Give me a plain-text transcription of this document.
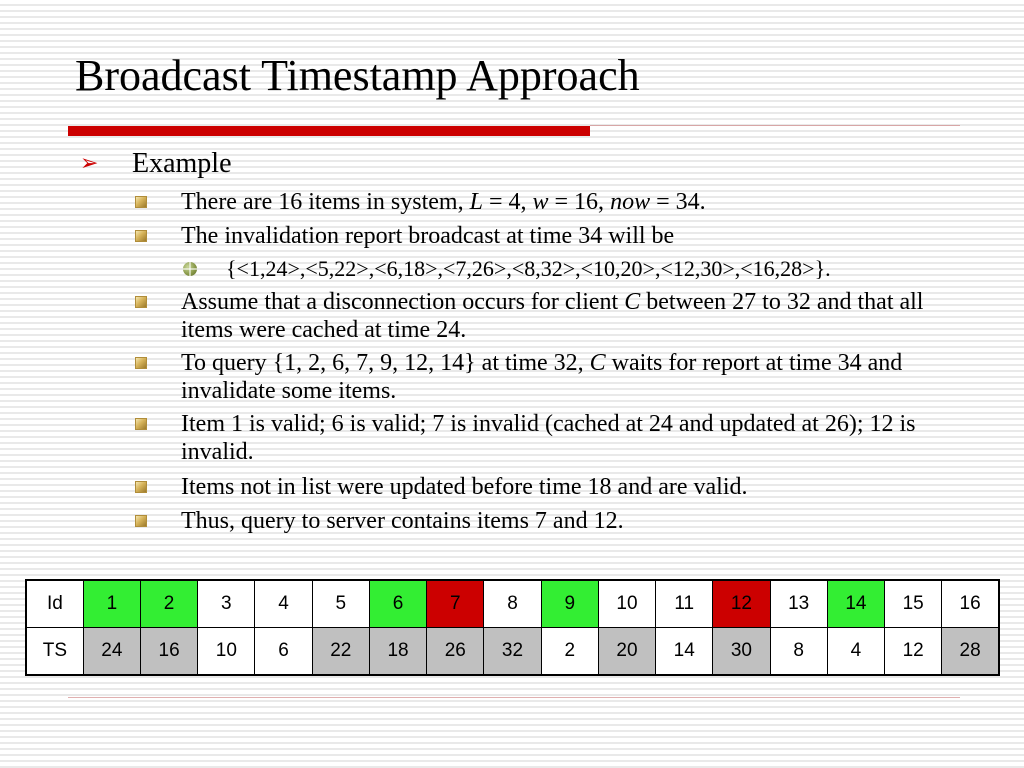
Broadcast Timestamp Approach
➢ Example
There are 16 items in system, L = 4, w = 16, now = 34.
The invalidation report broadcast at time 34 will be
{<1,24>,<5,22>,<6,18>,<7,26>,<8,32>,<10,20>,<12,30>,<16,28>}.
Assume that a disconnection occurs for client C between 27 to 32 and that all items were cached at time 24.
To query {1, 2, 6, 7, 9, 12, 14} at time 32, C waits for report at time 34 and invalidate some items.
Item 1 is valid; 6 is valid; 7 is invalid (cached at 24 and updated at 26); 12 is invalid.
Items not in list were updated before time 18 and are valid.
Thus, query to server contains items 7 and 12.
Id	1	2	3	4	5	6	7	8	9	10	11	12	13	14	15	16
TS	24	16	10	6	22	18	26	32	2	20	14	30	8	4	12	28
